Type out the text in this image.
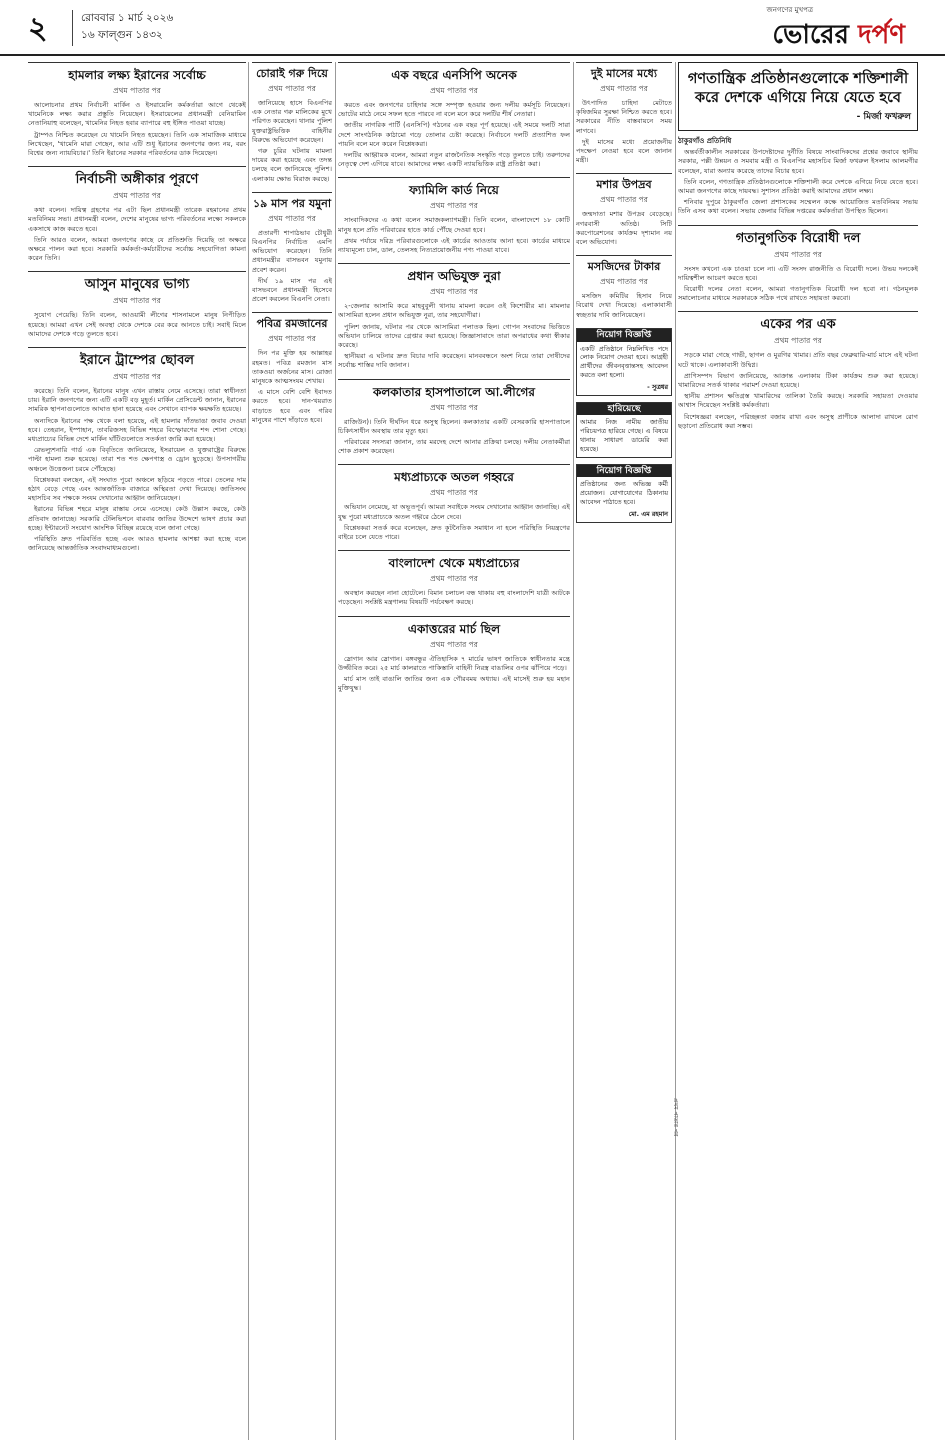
২	রোববার ১ মার্চ ২০২৬
১৬ ফাল্গুন ১৪৩২
জনগণের মুখপত্র
ভোরের দর্পণ
হামলার লক্ষ্য ইরানের সর্বোচ্চ
প্রথম পাতার পর

আলোচনার প্রথম নির্বাচনী মার্কিন ও ইসরায়েলি কর্মকর্তারা আগে থেকেই খামেনিকে লক্ষ্য করার প্রস্তুতি নিয়েছেন। ইসরায়েলের প্রধানমন্ত্রী বেনিয়ামিন নেতানিয়াহু বলেছেন, খামেনির নিহত হবার ব্যাপারে বহু ইঙ্গিত পাওয়া যাচ্ছে।

ট্রাম্পও নিশ্চিত করেছেন যে খামেনি নিহত হয়েছেন। তিনি এক সামাজিক মাধ্যমে লিখেছেন, 'খামেনি মারা গেছেন, আর এটি শুধু ইরানের জনগণের জন্য নয়, বরং বিশ্বের জন্য ন্যায়বিচার।' তিনি ইরানের সরকার পরিবর্তনের ডাক দিয়েছেন।

নির্বাচনী অঙ্গীকার পূরণে
প্রথম পাতার পর

কথা বলেন। দায়িত্ব গ্রহণের পর এটা ছিল প্রধানমন্ত্রী তারেক রহমানের প্রথম মতবিনিময় সভা। প্রধানমন্ত্রী বলেন, দেশের মানুষের ভাগ্য পরিবর্তনের লক্ষ্যে সকলকে একসাথে কাজ করতে হবে।

তিনি আরও বলেন, আমরা জনগণের কাছে যে প্রতিশ্রুতি দিয়েছি তা অক্ষরে অক্ষরে পালন করা হবে। সরকারি কর্মকর্তা-কর্মচারীদের সর্বোচ্চ সহযোগিতা কামনা করেন তিনি।

আসুন মানুষের ভাগ্য
প্রথম পাতার পর

সুযোগ পেয়েছি। তিনি বলেন, আওয়ামী লীগের শাসনামলে মানুষ নিপীড়িত হয়েছে। আমরা এখন সেই অবস্থা থেকে দেশকে বের করে আনতে চাই। সবাই মিলে আমাদের দেশকে গড়ে তুলতে হবে।

ইরানে ট্রাম্পের ছোবল
প্রথম পাতার পর

করেছে। তিনি বলেন, ইরানের মানুষ এখন রাস্তায় নেমে এসেছে। তারা স্বাধীনতা চায়। ইরানি জনগণের জন্য এটি একটি বড় মুহূর্ত। মার্কিন প্রেসিডেন্ট জানান, ইরানের সামরিক স্থাপনাগুলোতে আঘাত হানা হয়েছে এবং সেখানে ব্যাপক ক্ষয়ক্ষতি হয়েছে।

অন্যদিকে ইরানের পক্ষ থেকে বলা হয়েছে, এই হামলার দাঁতভাঙা জবাব দেওয়া হবে। তেহরান, ইস্পাহান, তাবরিজসহ বিভিন্ন শহরে বিস্ফোরণের শব্দ শোনা গেছে। মধ্যপ্রাচ্যের বিভিন্ন দেশে মার্কিন ঘাঁটিগুলোতে সতর্কতা জারি করা হয়েছে।

রেভল্যুশনারি গার্ড এক বিবৃতিতে জানিয়েছে, ইসরায়েল ও যুক্তরাষ্ট্রের বিরুদ্ধে পাল্টা হামলা শুরু হয়েছে। তারা শত শত ক্ষেপণাস্ত্র ও ড্রোন ছুড়েছে। উপসাগরীয় অঞ্চলে উত্তেজনা চরমে পৌঁছেছে।

বিশ্লেষকরা বলছেন, এই সংঘাত পুরো অঞ্চলে ছড়িয়ে পড়তে পারে। তেলের দাম হঠাৎ বেড়ে গেছে এবং আন্তর্জাতিক বাজারে অস্থিরতা দেখা দিয়েছে। জাতিসংঘ মহাসচিব সব পক্ষকে সংযম দেখানোর আহ্বান জানিয়েছেন।

ইরানের বিভিন্ন শহরে মানুষ রাস্তায় নেমে এসেছে। কেউ উল্লাস করছে, কেউ প্রতিবাদ জানাচ্ছে। সরকারি টেলিভিশনে বারবার জাতির উদ্দেশে ভাষণ প্রচার করা হচ্ছে। ইন্টারনেট সংযোগ আংশিক বিচ্ছিন্ন রয়েছে বলে জানা গেছে।

পরিস্থিতি দ্রুত পরিবর্তিত হচ্ছে এবং আরও হামলার আশঙ্কা করা হচ্ছে বলে জানিয়েছে আন্তর্জাতিক সংবাদমাধ্যমগুলো।

চোরাই গরু দিয়ে
প্রথম পাতার পর

জানিয়েছে হাসে বিএনপির এক নেতার গরু মালিকের মুখে পরিণত করেছেন। থানার পুলিশ যুক্তরাষ্ট্রভিত্তিক বাহিনীর বিরুদ্ধে অভিযোগ করেছেন।

গরু চুরির ঘটনায় মামলা দায়ের করা হয়েছে এবং তদন্ত চলছে বলে জানিয়েছে পুলিশ। এলাকায় ক্ষোভ বিরাজ করছে।

১৯ মাস পর যমুনা
প্রথম পাতার পর

প্রতারণী শাপাঠভাব চৌধুরী বিএনপির নির্বাচিত এমপি অভিযোগ করেছেন। তিনি প্রধানমন্ত্রীর বাসভবন যমুনায় প্রবেশ করেন।

দীর্ঘ ১৯ মাস পর এই বাসভবনে প্রধানমন্ত্রী হিসেবে প্রবেশ করলেন বিএনপি নেতা।

পবিত্র রমজানের
প্রথম পাতার পর

দিন পর মুক্তি হয় আল্লাহর রহমত। পবিত্র রমজান মাস তাকওয়া অর্জনের মাস। রোজা মানুষকে আত্মসংযম শেখায়।

এ মাসে বেশি বেশি ইবাদত করতে হবে। দান-খয়রাত বাড়াতে হবে এবং গরিব মানুষের পাশে দাঁড়াতে হবে।

এক বছরে এনসিপি অনেক
প্রথম পাতার পর

করতে এবং জনগণের চাহিদার সঙ্গে সম্পৃক্ত হওয়ার জন্য দলীয় কর্মসূচি নিয়েছেন। ভোটের মাঠে নেমে সফল হতে পারবে না বলে মনে করে দলটির শীর্ষ নেতারা।

জাতীয় নাগরিক পার্টি (এনসিপি) গঠনের এক বছর পূর্ণ হয়েছে। এই সময়ে দলটি সারা দেশে সাংগঠনিক কাঠামো গড়ে তোলার চেষ্টা করেছে। নির্বাচনে দলটি প্রত্যাশিত ফল পায়নি বলে মনে করেন বিশ্লেষকরা।

দলটির আহ্বায়ক বলেন, আমরা নতুন রাজনৈতিক সংস্কৃতি গড়ে তুলতে চাই। তরুণদের নেতৃত্বে দেশ এগিয়ে যাবে। আমাদের লক্ষ্য একটি ন্যায়ভিত্তিক রাষ্ট্র প্রতিষ্ঠা করা।

ফ্যামিলি কার্ড নিয়ে
প্রথম পাতার পর

সাংবাদিকদের এ কথা বলেন সমাজকল্যাণমন্ত্রী। তিনি বলেন, বাংলাদেশে ১৮ কোটি মানুষ হলে প্রতি পরিবারের হাতে কার্ড পৌঁছে দেওয়া হবে।

প্রথম পর্যায়ে দরিদ্র পরিবারগুলোকে এই কার্ডের আওতায় আনা হবে। কার্ডের মাধ্যমে ন্যায্যমূল্যে চাল, ডাল, তেলসহ নিত্যপ্রয়োজনীয় পণ্য পাওয়া যাবে।

প্রধান অভিযুক্ত নুরা
প্রথম পাতার পর

২-জেলার আসামি করে মাহবুবুলী থানায় মামলা করেন ওই কিশোরীর মা। মামলার আসামিরা হলেন প্রধান অভিযুক্ত নুরা, তার সহযোগীরা।

পুলিশ জানায়, ঘটনার পর থেকে আসামিরা পলাতক ছিল। গোপন সংবাদের ভিত্তিতে অভিযান চালিয়ে তাদের গ্রেপ্তার করা হয়েছে। জিজ্ঞাসাবাদে তারা অপরাধের কথা স্বীকার করেছে।

স্থানীয়রা এ ঘটনার দ্রুত বিচার দাবি করেছেন। মানববন্ধনে অংশ নিয়ে তারা দোষীদের সর্বোচ্চ শাস্তির দাবি জানান।

কলকাতার হাসপাতালে আ.লীগের
প্রথম পাতার পর

রাজিউন)। তিনি দীর্ঘদিন ধরে অসুস্থ ছিলেন। কলকাতার একটি বেসরকারি হাসপাতালে চিকিৎসাধীন অবস্থায় তার মৃত্যু হয়।

পরিবারের সদস্যরা জানান, তার মরদেহ দেশে আনার প্রক্রিয়া চলছে। দলীয় নেতাকর্মীরা শোক প্রকাশ করেছেন।

মধ্যপ্রাচ্যকে অতল গহ্বরে
প্রথম পাতার পর

অভিযান নেমেছে, যা অভূতপূর্ব। আমরা সবাইকে সংযম দেখানোর আহ্বান জানাচ্ছি। এই যুদ্ধ পুরো মধ্যপ্রাচ্যকে অতল গহ্বরে ঠেলে দেবে।

বিশ্লেষকরা সতর্ক করে বলেছেন, দ্রুত কূটনৈতিক সমাধান না হলে পরিস্থিতি নিয়ন্ত্রণের বাইরে চলে যেতে পারে।

বাংলাদেশ থেকে মধ্যপ্রাচ্যের
প্রথম পাতার পর

অবস্থান করছেন নানা হোটেলে। বিমান চলাচল বন্ধ থাকায় বহু বাংলাদেশি যাত্রী আটকে পড়েছেন। সংশ্লিষ্ট মন্ত্রণালয় বিষয়টি পর্যবেক্ষণ করছে।

একাত্তরের মার্চ ছিল
প্রথম পাতার পর

স্লোগান আর স্লোগান। বঙ্গবন্ধুর ঐতিহাসিক ৭ মার্চের ভাষণ জাতিকে স্বাধীনতার মন্ত্রে উজ্জীবিত করে। ২৫ মার্চ কালরাতে পাকিস্তানি বাহিনী নিরস্ত্র বাঙালির ওপর ঝাঁপিয়ে পড়ে।

মার্চ মাস তাই বাঙালি জাতির জন্য এক গৌরবময় অধ্যায়। এই মাসেই শুরু হয় মহান মুক্তিযুদ্ধ।

দুই মাসের মধ্যে
প্রথম পাতার পর

উৎপাদিত চাহিদা মেটাতে কৃষিজমির সুরক্ষা নিশ্চিত করতে হবে। সরকারের নীতি বাস্তবায়নে সময় লাগবে।

দুই মাসের মধ্যে প্রয়োজনীয় পদক্ষেপ নেওয়া হবে বলে জানান মন্ত্রী।

মশার উপদ্রব
প্রথম পাতার পর

জন্মদাতা মশার উপদ্রব বেড়েছে। নগরবাসী অতিষ্ঠ। সিটি করপোরেশনের কার্যক্রম দৃশ্যমান নয় বলে অভিযোগ।

মসজিদের টাকার
প্রথম পাতার পর

মসজিদ কমিটির হিসাব নিয়ে বিরোধ দেখা দিয়েছে। এলাকাবাসী স্বচ্ছতার দাবি জানিয়েছেন।

নিয়োগ বিজ্ঞপ্তি
একটি প্রতিষ্ঠানে নিম্নলিখিত পদে লোক নিয়োগ দেওয়া হবে। আগ্রহী প্রার্থীদের জীবনবৃত্তান্তসহ আবেদন করতে বলা হলো।
- সুত্রধর
হারিয়েছে
আমার নিজ নামীয় জাতীয় পরিচয়পত্র হারিয়ে গেছে। এ বিষয়ে থানায় সাধারণ ডায়েরি করা হয়েছে।
নিয়োগ বিজ্ঞপ্তি
প্রতিষ্ঠানের জন্য অভিজ্ঞ কর্মী প্রয়োজন। যোগাযোগের ঠিকানায় আবেদন পাঠাতে হবে।
মো. এম রহমান
গণতান্ত্রিক প্রতিষ্ঠানগুলোকে শক্তিশালী করে দেশকে এগিয়ে নিয়ে যেতে হবে
- মির্জা ফখরুল
ঠাকুরগাঁও প্রতিনিধি

অন্তর্বর্তীকালীন সরকারের উপদেষ্টাদের দুর্নীতি বিষয়ে সাংবাদিকদের প্রশ্নের জবাবে স্থানীয় সরকার, পল্লী উন্নয়ন ও সমবায় মন্ত্রী ও বিএনপির মহাসচিব মির্জা ফখরুল ইসলাম আলমগীর বলেছেন, যারা অন্যায় করেছে তাদের বিচার হবে।

তিনি বলেন, গণতান্ত্রিক প্রতিষ্ঠানগুলোকে শক্তিশালী করে দেশকে এগিয়ে নিয়ে যেতে হবে। আমরা জনগণের কাছে দায়বদ্ধ। সুশাসন প্রতিষ্ঠা করাই আমাদের প্রধান লক্ষ্য।

শনিবার দুপুরে ঠাকুরগাঁও জেলা প্রশাসকের সম্মেলন কক্ষে আয়োজিত মতবিনিময় সভায় তিনি এসব কথা বলেন। সভায় জেলার বিভিন্ন দপ্তরের কর্মকর্তারা উপস্থিত ছিলেন।

গতানুগতিক বিরোধী দল
প্রথম পাতার পর

সংসদ কখনো এক চাওয়া চলে না। এটি সংসদ রাজনীতি ও বিরোধী দলে। উভয় দলকেই দায়িত্বশীল আচরণ করতে হবে।

বিরোধী দলের নেতা বলেন, আমরা গতানুগতিক বিরোধী দল হবো না। গঠনমূলক সমালোচনার মাধ্যমে সরকারকে সঠিক পথে রাখতে সহায়তা করবো।

একের পর এক
প্রথম পাতার পর

সড়কে মারা গেছে গাভী, ছাগল ও মুরগির খামার। প্রতি বছর ফেব্রুয়ারি-মার্চ মাসে এই ঘটনা ঘটে থাকে। এলাকাবাসী উদ্বিগ্ন।

প্রাণিসম্পদ বিভাগ জানিয়েছে, আক্রান্ত এলাকায় টিকা কার্যক্রম শুরু করা হয়েছে। খামারিদের সতর্ক থাকার পরামর্শ দেওয়া হয়েছে।

স্থানীয় প্রশাসন ক্ষতিগ্রস্ত খামারিদের তালিকা তৈরি করছে। সরকারি সহায়তা দেওয়ার আশ্বাস দিয়েছেন সংশ্লিষ্ট কর্মকর্তারা।

বিশেষজ্ঞরা বলছেন, পরিচ্ছন্নতা বজায় রাখা এবং অসুস্থ প্রাণীকে আলাদা রাখলে রোগ ছড়ানো প্রতিরোধ করা সম্ভব।

প্রথম পাতার পর
